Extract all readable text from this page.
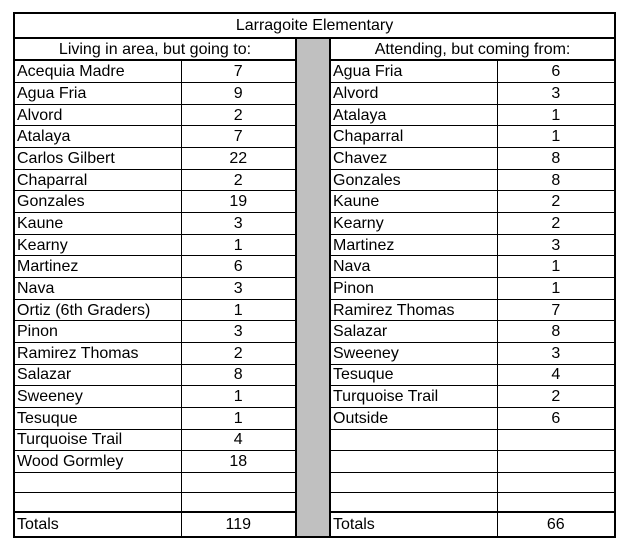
Larragoite Elementary				
Living in area, but going to:			Attending, but coming from:	
Acequia Madre	7		Agua Fria	6
Agua Fria	9		Alvord	3
Alvord	2		Atalaya	1
Atalaya	7		Chaparral	1
Carlos Gilbert	22		Chavez	8
Chaparral	2		Gonzales	8
Gonzales	19		Kaune	2
Kaune	3		Kearny	2
Kearny	1		Martinez	3
Martinez	6		Nava	1
Nava	3		Pinon	1
Ortiz (6th Graders)	1		Ramirez Thomas	7
Pinon	3		Salazar	8
Ramirez Thomas	2		Sweeney	3
Salazar	8		Tesuque	4
Sweeney	1		Turquoise Trail	2
Tesuque	1		Outside	6
Turquoise Trail	4			
Wood Gormley	18			

Totals	119		Totals	66
